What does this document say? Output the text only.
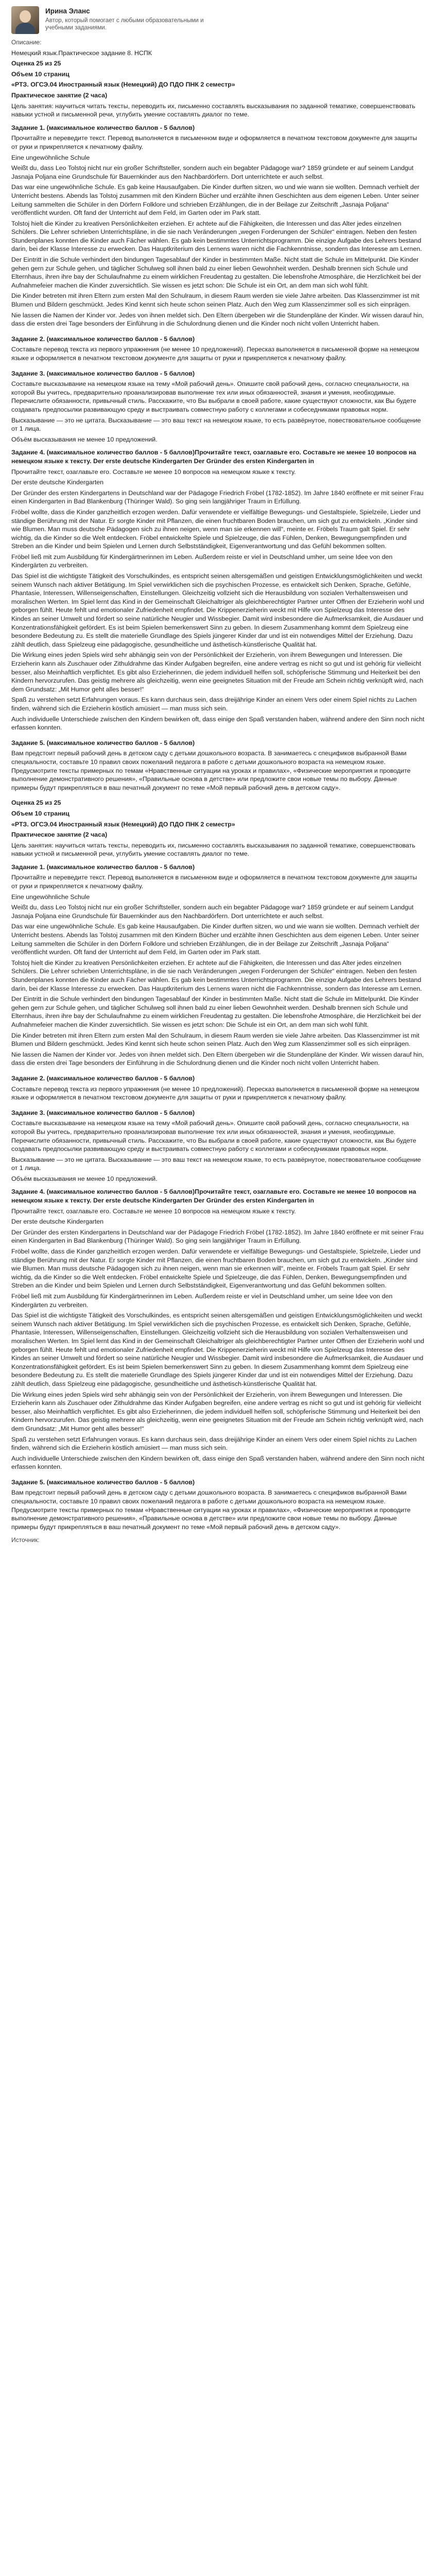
Ирина Эланс
Автор, который помогает с любыми образовательными и учебными заданиями.
Описание:
Немецкий язык.Практическое задание 8. НСПК
Оценка 25 из 25
Объем 10 страниц
«РТЗ. ОГСЭ.04 Иностранный язык (Немецкий) ДО ПДО ПНК 2 семестр»
Практическое занятие (2 часа)
Цель занятия: научиться читать тексты, переводить их, письменно составлять высказывания по заданной тематике, совершенствовать навыки устной и письменной речи, углубить умение составлять диалог по теме.
Задание 1. (максимальное количество баллов - 5 баллов)
Прочитайте и переведите текст. Перевод выполняется в письменном виде и оформляется в печатном текстовом документе для защиты от руки и прикрепляется к печатному файлу.
Eine ungewöhnliche Schule
Weißt du, dass Leo Tolstoj nicht nur ein großer Schriftsteller, sondern auch ein begabter Pädagoge war? 1859 gründete er auf seinem Landgut Jasnaja Poljana eine Grundschule für Bauernkinder aus den Nachbardörfern. Dort unterrichtete er auch selbst.
Das war eine ungewöhnliche Schule. Es gab keine Hausaufgaben. Die Kinder durften sitzen, wo und wie wann sie wollten. Demnach verhielt der Unterricht bestens. Abends las Tolstoj zusammen mit den Kindern Bücher und erzählte ihnen Geschichten aus dem eigenen Leben. Unter seiner Leitung sammelten die Schüler in den Dörfern Folklore und schrieben Erzählungen, die in der Beilage zur Zeitschrift „Jasnaja Poljana“ veröffentlicht wurden. Oft fand der Unterricht auf dem Feld, im Garten oder im Park statt.
Tolstoj hielt die Kinder zu kreativen Persönlichkeiten erziehen. Er achtete auf die Fähigkeiten, die Interessen und das Alter jedes einzelnen Schülers. Die Lehrer schrieben Unterrichtspläne, in die sie nach Veränderungen „wegen Forderungen der Schüler“ eintragen. Neben den festen Stundenplanes konnten die Kinder auch Fächer wählen. Es gab kein bestimmtes Unterrichtsprogramm. Die einzige Aufgabe des Lehrers bestand darin, bei der Klasse Interesse zu erwecken. Das Hauptkriterium des Lernens waren nicht die Fachkenntnisse, sondern das Interesse am Lernen.
Der Eintritt in die Schule verhindert den bindungen Tagesablauf der Kinder in bestimmten Maße. Nicht statt die Schule im Mittelpunkt. Die Kinder gehen gern zur Schule gehen, und täglicher Schulweg soll ihnen bald zu einer lieben Gewohnheit werden. Deshalb brennen sich Schule und Elternhaus, ihren ihre bay der Schulaufnahme zu einem wirklichen Freudentag zu gestalten. Die lebensfrohe Atmosphäre, die Herzlichkeit bei der Aufnahmefeier machen die Kinder zuversichtlich. Sie wissen es jetzt schon: Die Schule ist ein Ort, an dem man sich wohl fühlt.
Die Kinder betreten mit ihren Eltern zum ersten Mal den Schulraum, in diesem Raum werden sie viele Jahre arbeiten. Das Klassenzimmer ist mit Blumen und Bildern geschmückt. Jedes Kind kennt sich heute schon seinen Platz. Auch den Weg zum Klassenzimmer soll es sich einprägen.
Nie lassen die Namen der Kinder vor. Jedes von ihnen meldet sich. Den Eltern übergeben wir die Stundenpläne der Kinder. Wir wissen darauf hin, dass die ersten drei Tage besonders der Einführung in die Schulordnung dienen und die Kinder noch nicht vollen Unterricht haben.
Задание 2. (максимальное количество баллов - 5 баллов)
Составьте перевод текста из первого упражнения (не менее 10 предложений). Пересказ выполняется в письменной форме на немецком языке и оформляется в печатном текстовом документе для защиты от руки и прикрепляется к печатному файлу.
Задание 3. (максимальное количество баллов - 5 баллов)
Составьте высказывание на немецком языке на тему «Мой рабочий день». Опишите свой рабочий день, согласно специальности, на которой Вы учитесь, предварительно проанализировав выполнение тех или иных обязанностей, знания и умения, необходимые. Перечислите обязанности, привычный стиль. Расскажите, что Вы выбрали в своей работе, какие существуют сложности, как Вы будете создавать предпосылки развивающую среду и выстраивать совместную работу с коллегами и собеседниками правовых норм.
Высказывание — это не цитата. Высказывание — это ваш текст на немецком языке, то есть развёрнутое, повествовательное сообщение от 1 лица.
Объём высказывания не менее 10 предложений.
Задание 4. (максимальное количество баллов - 5 баллов)Прочитайте текст, озаглавьте его. Составьте не менее 10 вопросов на немецком языке к тексту. Der erste deutsche Kindergarten Der Gründer des ersten Kindergarten in
Прочитайте текст, озаглавьте его. Составьте не менее 10 вопросов на немецком языке к тексту.
Der erste deutsche Kindergarten
Der Gründer des ersten Kindergartens in Deutschland war der Pädagoge Friedrich Fröbel (1782-1852). Im Jahre 1840 eröffnete er mit seiner Frau einen Kindergarten in Bad Blankenburg (Thüringer Wald). So ging sein langjähriger Traum in Erfüllung.
Fröbel wollte, dass die Kinder ganzheitlich erzogen werden. Dafür verwendete er vielfältige Bewegungs- und Gestaltspiele, Spielzeile, Lieder und ständige Berührung mit der Natur. Er sorgte Kinder mit Pflanzen, die einen fruchtbaren Boden brauchen, um sich gut zu entwickeln. „Kinder sind wie Blumen. Man muss deutsche Pädagogen sich zu ihnen neigen, wenn man sie erkennen will“, meinte er. Fröbels Traum galt Spiel. Er sehr wichtig, da die Kinder so die Welt entdecken. Fröbel entwickelte Spiele und Spielzeuge, die das Fühlen, Denken, Bewegungsempfinden und Streben an die Kinder und beim Spielen und Lernen durch Selbstständigkeit, Eigenverantwortung und das Gefühl bekommen sollten.
Fröbel ließ mit zum Ausbildung für Kindergärtnerinnen im Leben. Außerdem reiste er viel in Deutschland umher, um seine Idee von den Kindergärten zu verbreiten.
Das Spiel ist die wichtigste Tätigkeit des Vorschulkindes, es entspricht seinen altersgemäßen und geistigen Entwicklungsmöglichkeiten und weckt seinem Wunsch nach aktiver Betätigung. Im Spiel verwirklichen sich die psychischen Prozesse, es entwickelt sich Denken, Sprache, Gefühle, Phantasie, Interessen, Willenseigenschaften, Einstellungen. Gleichzeitig vollzieht sich die Herausbildung von sozialen Verhaltensweisen und moralischen Werten. Im Spiel lernt das Kind in der Gemeinschaft Gleichaltriger als gleichberechtigter Partner unter Offnen der Erzieherin wohl und geborgen fühlt. Heute fehlt und emotionaler Zufriedenheit empfindet. Die Krippenerzieherin weckt mit Hilfe von Spielzeug das Interesse des Kindes an seiner Umwelt und fördert so seine natürliche Neugier und Wissbegier. Damit wird insbesondere die Aufmerksamkeit, die Ausdauer und Konzentrationsfähigkeit gefördert. Es ist beim Spielen bemerkenswert Sinn zu geben. In diesem Zusammenhang kommt dem Spielzeug eine besondere Bedeutung zu. Es stellt die materielle Grundlage des Spiels jüngerer Kinder dar und ist ein notwendiges Mittel der Erziehung. Dazu zählt deutlich, dass Spielzeug eine pädagogische, gesundheitliche und ästhetisch-künstlerische Qualität hat.
Die Wirkung eines jeden Spiels wird sehr abhängig sein von der Persönlichkeit der Erzieherin, von ihrem Bewegungen und Interessen. Die Erzieherin kann als Zuschauer oder Zithuldrahme das Kinder Aufgaben begreifen, eine andere vertrag es nicht so gut und ist gehörig für vielleicht besser, also Meinhaftlich verpflichtet. Es gibt also Erzieherinnen, die jedem individuell helfen soll, schöpferische Stimmung und Heiterkeit bei den Kindern hervorzurufen. Das geistig mehrere als gleichzeitig, wenn eine geeignetes Situation mit der Freude am Schein richtig verknüpft wird, nach dem Grundsatz: „Mit Humor geht alles besser!“
Spaß zu verstehen setzt Erfahrungen voraus. Es kann durchaus sein, dass dreijährige Kinder an einem Vers oder einem Spiel nichts zu Lachen finden, während sich die Erzieherin köstlich amüsiert — man muss sich sein.
Auch individuelle Unterschiede zwischen den Kindern bewirken oft, dass einige den Spaß verstanden haben, während andere den Sinn noch nicht erfassen konnten.
Задание 5. (максимальное количество баллов - 5 баллов)
Вам предстоит первый рабочий день в детском саду с детьми дошкольного возраста. В занимаетесь с спецификов выбранной Вами специальности, составьте 10 правил своих пожеланий педагога в работе с детьми дошкольного возраста на немецком языке. Предусмотрите тексты примерных по темам «Нравственные ситуации на уроках и правилах», «Физические мероприятия и проводите выполнение демонстративного решения», «Правильные основа в детстве» или предложите свои новые темы по выбору. Данные примеры будут прикрепляться в ваш печатный документ по теме «Мой первый рабочий день в детском саду».
Оценка 25 из 25
Объем 10 страниц
«РТЗ. ОГСЭ.04 Иностранный язык (Немецкий) ДО ПДО ПНК 2 семестр»
Практическое занятие (2 часа)
Цель занятия: научиться читать тексты, переводить их, письменно составлять высказывания по заданной тематике, совершенствовать навыки устной и письменной речи, углубить умение составлять диалог по теме.
Задание 1. (максимальное количество баллов - 5 баллов)
Прочитайте и переведите текст. Перевод выполняется в письменном виде и оформляется в печатном текстовом документе для защиты от руки и прикрепляется к печатному файлу.
Eine ungewöhnliche Schule
Weißt du, dass Leo Tolstoj nicht nur ein großer Schriftsteller, sondern auch ein begabter Pädagoge war? 1859 gründete er auf seinem Landgut Jasnaja Poljana eine Grundschule für Bauernkinder aus den Nachbardörfern. Dort unterrichtete er auch selbst.
Das war eine ungewöhnliche Schule. Es gab keine Hausaufgaben. Die Kinder durften sitzen, wo und wie wann sie wollten. Demnach verhielt der Unterricht bestens. Abends las Tolstoj zusammen mit den Kindern Bücher und erzählte ihnen Geschichten aus dem eigenen Leben. Unter seiner Leitung sammelten die Schüler in den Dörfern Folklore und schrieben Erzählungen, die in der Beilage zur Zeitschrift „Jasnaja Poljana“ veröffentlicht wurden. Oft fand der Unterricht auf dem Feld, im Garten oder im Park statt.
Tolstoj hielt die Kinder zu kreativen Persönlichkeiten erziehen. Er achtete auf die Fähigkeiten, die Interessen und das Alter jedes einzelnen Schülers. Die Lehrer schrieben Unterrichtspläne, in die sie nach Veränderungen „wegen Forderungen der Schüler“ eintragen. Neben den festen Stundenplanes konnten die Kinder auch Fächer wählen. Es gab kein bestimmtes Unterrichtsprogramm. Die einzige Aufgabe des Lehrers bestand darin, bei der Klasse Interesse zu erwecken. Das Hauptkriterium des Lernens waren nicht die Fachkenntnisse, sondern das Interesse am Lernen.
Der Eintritt in die Schule verhindert den bindungen Tagesablauf der Kinder in bestimmten Maße. Nicht statt die Schule im Mittelpunkt. Die Kinder gehen gern zur Schule gehen, und täglicher Schulweg soll ihnen bald zu einer lieben Gewohnheit werden. Deshalb brennen sich Schule und Elternhaus, ihren ihre bay der Schulaufnahme zu einem wirklichen Freudentag zu gestalten. Die lebensfrohe Atmosphäre, die Herzlichkeit bei der Aufnahmefeier machen die Kinder zuversichtlich. Sie wissen es jetzt schon: Die Schule ist ein Ort, an dem man sich wohl fühlt.
Die Kinder betreten mit ihren Eltern zum ersten Mal den Schulraum, in diesem Raum werden sie viele Jahre arbeiten. Das Klassenzimmer ist mit Blumen und Bildern geschmückt. Jedes Kind kennt sich heute schon seinen Platz. Auch den Weg zum Klassenzimmer soll es sich einprägen.
Nie lassen die Namen der Kinder vor. Jedes von ihnen meldet sich. Den Eltern übergeben wir die Stundenpläne der Kinder. Wir wissen darauf hin, dass die ersten drei Tage besonders der Einführung in die Schulordnung dienen und die Kinder noch nicht vollen Unterricht haben.
Задание 2. (максимальное количество баллов - 5 баллов)
Составьте перевод текста из первого упражнения (не менее 10 предложений). Пересказ выполняется в письменной форме на немецком языке и оформляется в печатном текстовом документе для защиты от руки и прикрепляется к печатному файлу.
Задание 3. (максимальное количество баллов - 5 баллов)
Составьте высказывание на немецком языке на тему «Мой рабочий день». Опишите свой рабочий день, согласно специальности, на которой Вы учитесь, предварительно проанализировав выполнение тех или иных обязанностей, знания и умения, необходимые. Перечислите обязанности, привычный стиль. Расскажите, что Вы выбрали в своей работе, какие существуют сложности, как Вы будете создавать предпосылки развивающую среду и выстраивать совместную работу с коллегами и собеседниками правовых норм.
Высказывание — это не цитата. Высказывание — это ваш текст на немецком языке, то есть развёрнутое, повествовательное сообщение от 1 лица.
Объём высказывания не менее 10 предложений.
Задание 4. (максимальное количество баллов - 5 баллов)Прочитайте текст, озаглавьте его. Составьте не менее 10 вопросов на немецком языке к тексту. Der erste deutsche Kindergarten Der Gründer des ersten Kindergarten in
Прочитайте текст, озаглавьте его. Составьте не менее 10 вопросов на немецком языке к тексту.
Der erste deutsche Kindergarten
Der Gründer des ersten Kindergartens in Deutschland war der Pädagoge Friedrich Fröbel (1782-1852). Im Jahre 1840 eröffnete er mit seiner Frau einen Kindergarten in Bad Blankenburg (Thüringer Wald). So ging sein langjähriger Traum in Erfüllung.
Fröbel wollte, dass die Kinder ganzheitlich erzogen werden. Dafür verwendete er vielfältige Bewegungs- und Gestaltspiele, Spielzeile, Lieder und ständige Berührung mit der Natur. Er sorgte Kinder mit Pflanzen, die einen fruchtbaren Boden brauchen, um sich gut zu entwickeln. „Kinder sind wie Blumen. Man muss deutsche Pädagogen sich zu ihnen neigen, wenn man sie erkennen will“, meinte er. Fröbels Traum galt Spiel. Er sehr wichtig, da die Kinder so die Welt entdecken. Fröbel entwickelte Spiele und Spielzeuge, die das Fühlen, Denken, Bewegungsempfinden und Streben an die Kinder und beim Spielen und Lernen durch Selbstständigkeit, Eigenverantwortung und das Gefühl bekommen sollten.
Fröbel ließ mit zum Ausbildung für Kindergärtnerinnen im Leben. Außerdem reiste er viel in Deutschland umher, um seine Idee von den Kindergärten zu verbreiten.
Das Spiel ist die wichtigste Tätigkeit des Vorschulkindes, es entspricht seinen altersgemäßen und geistigen Entwicklungsmöglichkeiten und weckt seinem Wunsch nach aktiver Betätigung. Im Spiel verwirklichen sich die psychischen Prozesse, es entwickelt sich Denken, Sprache, Gefühle, Phantasie, Interessen, Willenseigenschaften, Einstellungen. Gleichzeitig vollzieht sich die Herausbildung von sozialen Verhaltensweisen und moralischen Werten. Im Spiel lernt das Kind in der Gemeinschaft Gleichaltriger als gleichberechtigter Partner unter Offnen der Erzieherin wohl und geborgen fühlt. Heute fehlt und emotionaler Zufriedenheit empfindet. Die Krippenerzieherin weckt mit Hilfe von Spielzeug das Interesse des Kindes an seiner Umwelt und fördert so seine natürliche Neugier und Wissbegier. Damit wird insbesondere die Aufmerksamkeit, die Ausdauer und Konzentrationsfähigkeit gefördert. Es ist beim Spielen bemerkenswert Sinn zu geben. In diesem Zusammenhang kommt dem Spielzeug eine besondere Bedeutung zu. Es stellt die materielle Grundlage des Spiels jüngerer Kinder dar und ist ein notwendiges Mittel der Erziehung. Dazu zählt deutlich, dass Spielzeug eine pädagogische, gesundheitliche und ästhetisch-künstlerische Qualität hat.
Die Wirkung eines jeden Spiels wird sehr abhängig sein von der Persönlichkeit der Erzieherin, von ihrem Bewegungen und Interessen. Die Erzieherin kann als Zuschauer oder Zithuldrahme das Kinder Aufgaben begreifen, eine andere vertrag es nicht so gut und ist gehörig für vielleicht besser, also Meinhaftlich verpflichtet. Es gibt also Erzieherinnen, die jedem individuell helfen soll, schöpferische Stimmung und Heiterkeit bei den Kindern hervorzurufen. Das geistig mehrere als gleichzeitig, wenn eine geeignetes Situation mit der Freude am Schein richtig verknüpft wird, nach dem Grundsatz: „Mit Humor geht alles besser!“
Spaß zu verstehen setzt Erfahrungen voraus. Es kann durchaus sein, dass dreijährige Kinder an einem Vers oder einem Spiel nichts zu Lachen finden, während sich die Erzieherin köstlich amüsiert — man muss sich sein.
Auch individuelle Unterschiede zwischen den Kindern bewirken oft, dass einige den Spaß verstanden haben, während andere den Sinn noch nicht erfassen konnten.
Задание 5. (максимальное количество баллов - 5 баллов)
Вам предстоит первый рабочий день в детском саду с детьми дошкольного возраста. В занимаетесь с спецификов выбранной Вами специальности, составьте 10 правил своих пожеланий педагога в работе с детьми дошкольного возраста на немецком языке. Предусмотрите тексты примерных по темам «Нравственные ситуации на уроках и правилах», «Физические мероприятия и проводите выполнение демонстративного решения», «Правильные основа в детстве» или предложите свои новые темы по выбору. Данные примеры будут прикрепляться в ваш печатный документ по теме «Мой первый рабочий день в детском саду».
Источник:
